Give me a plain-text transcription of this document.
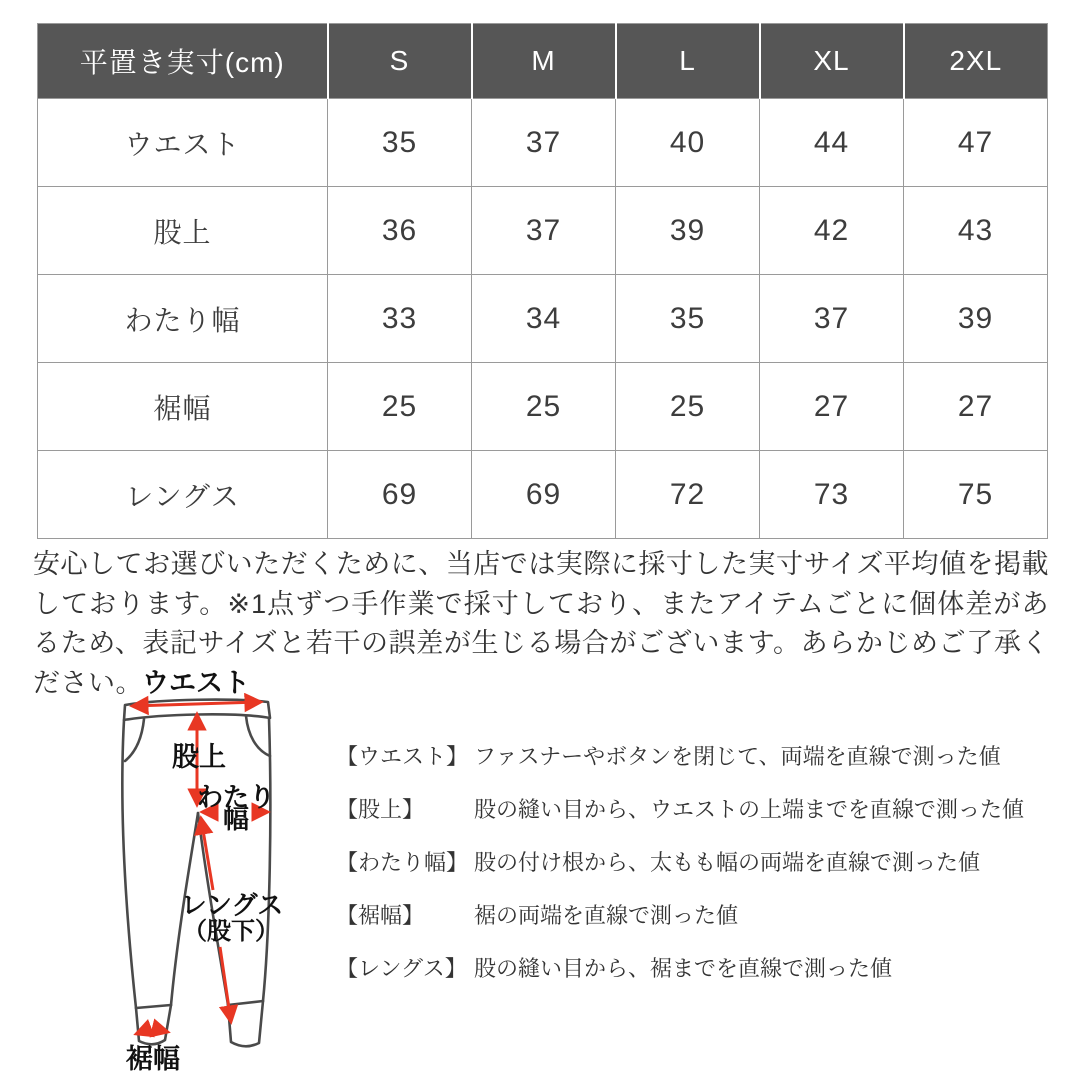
平置き実寸(cm)	S	M	L	XL	2XL
ウエスト	35	37	40	44	47
股上	36	37	39	42	43
わたり幅	33	34	35	37	39
裾幅	25	25	25	27	27
レングス	69	69	72	73	75

安心してお選びいただくために、当店では実際に採寸した実寸サイズ平均値を掲載しております。※1点ずつ手作業で採寸しており、またアイテムごとに個体差があるため、表記サイズと若干の誤差が生じる場合がございます。あらかじめご了承ください。 ウエスト
股上
わたり
幅
レングス
（股下）
裾幅
【ウエスト】 ファスナーやボタンを閉じて、両端を直線で測った値
【股上】	股の縫い目から、ウエストの上端までを直線で測った値
【わたり幅】 股の付け根から、太もも幅の両端を直線で測った値
【裾幅】	裾の両端を直線で測った値
【レングス】 股の縫い目から、裾までを直線で測った値
